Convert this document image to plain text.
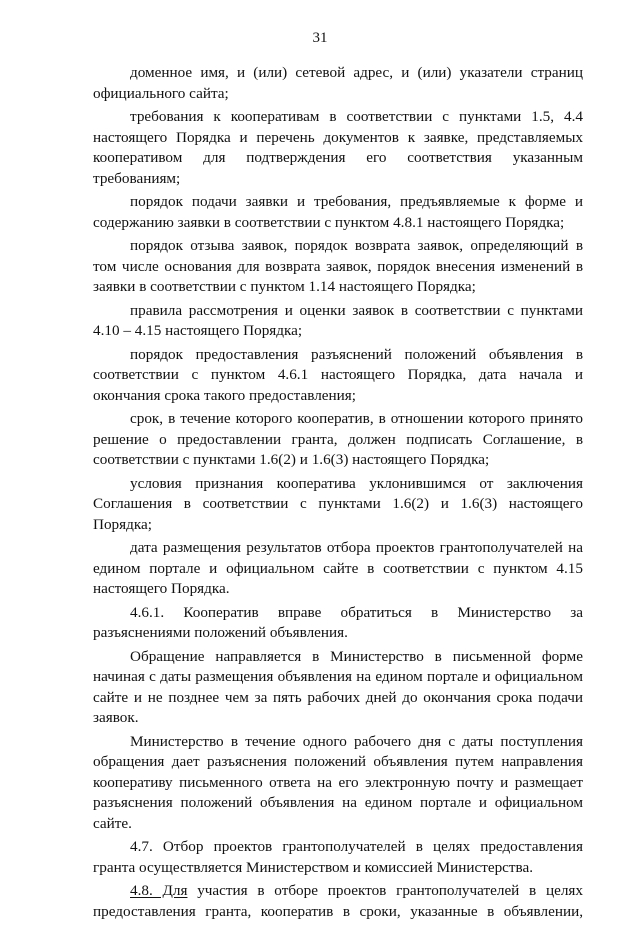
31

доменное имя, и (или) сетевой адрес, и (или) указатели страниц официального сайта;

требования к кооперативам в соответствии с пунктами 1.5, 4.4 настоящего Порядка и перечень документов к заявке, представляемых кооперативом для подтверждения его соответствия указанным требованиям;

порядок подачи заявки и требования, предъявляемые к форме и содержанию заявки в соответствии с пунктом 4.8.1 настоящего Порядка;

порядок отзыва заявок, порядок возврата заявок, определяющий в том числе основания для возврата заявок, порядок внесения изменений в заявки в соответствии с пунктом 1.14 настоящего Порядка;

правила рассмотрения и оценки заявок в соответствии с пунктами 4.10 – 4.15 настоящего Порядка;

порядок предоставления разъяснений положений объявления в соответствии с пунктом 4.6.1 настоящего Порядка, дата начала и окончания срока такого предоставления;

срок, в течение которого кооператив, в отношении которого принято решение о предоставлении гранта, должен подписать Соглашение, в соответствии с пунктами 1.6(2) и 1.6(3) настоящего Порядка;

условия признания кооператива уклонившимся от заключения Соглашения в соответствии с пунктами 1.6(2) и 1.6(3) настоящего Порядка;

дата размещения результатов отбора проектов грантополучателей на едином портале и официальном сайте в соответствии с пунктом 4.15 настоящего Порядка.

4.6.1. Кооператив вправе обратиться в Министерство за разъяснениями положений объявления.

Обращение направляется в Министерство в письменной форме начиная с даты размещения объявления на едином портале и официальном сайте и не позднее чем за пять рабочих дней до окончания срока подачи заявок.

Министерство в течение одного рабочего дня с даты поступления обращения дает разъяснения положений объявления путем направления кооперативу письменного ответа на его электронную почту и размещает разъяснения положений объявления на едином портале и официальном сайте.

4.7. Отбор проектов грантополучателей в целях предоставления гранта осуществляется Министерством и комиссией Министерства.

4.8. Для участия в отборе проектов грантополучателей в целях предоставления гранта, кооператив в сроки, указанные в объявлении,
